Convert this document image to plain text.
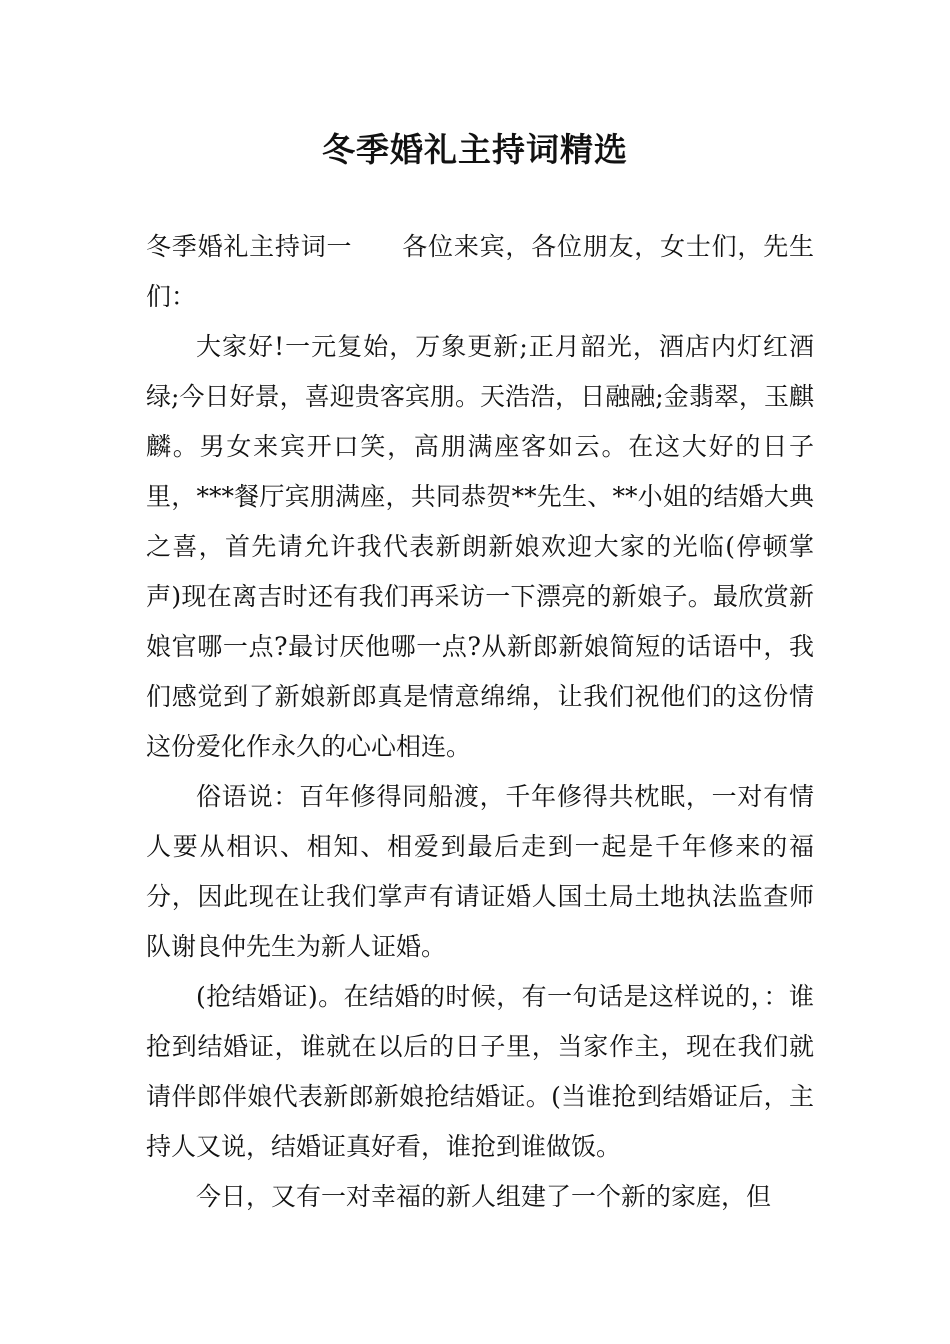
冬季婚礼主持词精选

冬季婚礼主持词一 各位来宾，各位朋友，女士们，先生们：

大家好!一元复始，万象更新;正月韶光，酒店内灯红酒绿;今日好景，喜迎贵客宾朋。天浩浩，日融融;金翡翠，玉麒麟。男女来宾开口笑，高朋满座客如云。在这大好的日子里，***餐厅宾朋满座，共同恭贺**先生、**小姐的结婚大典之喜，首先请允许我代表新朗新娘欢迎大家的光临(停顿掌声)现在离吉时还有我们再采访一下漂亮的新娘子。最欣赏新娘官哪一点?最讨厌他哪一点?从新郎新娘简短的话语中，我们感觉到了新娘新郎真是情意绵绵，让我们祝他们的这份情这份爱化作永久的心心相连。

俗语说：百年修得同船渡，千年修得共枕眠，一对有情人要从相识、相知、相爱到最后走到一起是千年修来的福分，因此现在让我们掌声有请证婚人国土局土地执法监查师队谢良仲先生为新人证婚。

(抢结婚证)。在结婚的时候，有一句话是这样说的，：谁抢到结婚证，谁就在以后的日子里，当家作主，现在我们就请伴郎伴娘代表新郎新娘抢结婚证。(当谁抢到结婚证后，主持人又说，结婚证真好看，谁抢到谁做饭。

今日，又有一对幸福的新人组建了一个新的家庭，但
